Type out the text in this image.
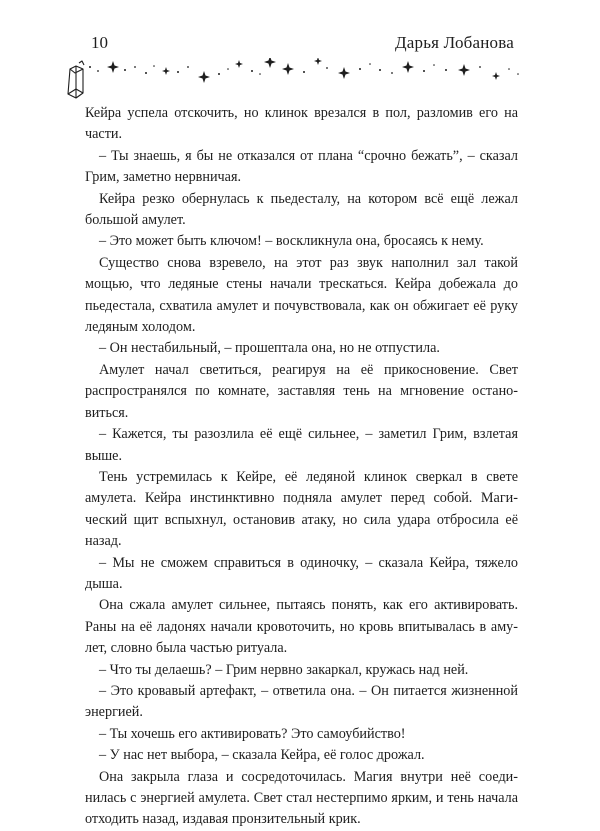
10	Дарья Лобанова

Кейра успела отскочить, но клинок врезался в пол, разломив его на части.

– Ты знаешь, я бы не отказался от плана “срочно бежать”, – сказал Грим, заметно нервничая.

Кейра резко обернулась к пьедесталу, на котором всё ещё лежал большой амулет.

– Это может быть ключом! – воскликнула она, бросаясь к нему.

Существо снова взревело, на этот раз звук наполнил зал такой мощью, что ледяные стены начали трескаться. Кейра добежала до пьедестала, схватила амулет и почувствовала, как он обжигает её руку ледяным холодом.

– Он нестабильный, – прошептала она, но не отпустила.

Амулет начал светиться, реагируя на её прикосновение. Свет распространялся по комнате, заставляя тень на мгновение остановиться.

– Кажется, ты разозлила её ещё сильнее, – заметил Грим, взлетая выше.

Тень устремилась к Кейре, её ледяной клинок сверкал в свете амулета. Кейра инстинктивно подняла амулет перед собой. Магический щит вспыхнул, остановив атаку, но сила удара отбросила её назад.

– Мы не сможем справиться в одиночку, – сказала Кейра, тяжело дыша.

Она сжала амулет сильнее, пытаясь понять, как его активировать. Раны на её ладонях начали кровоточить, но кровь впитывалась в амулет, словно была частью ритуала.

– Что ты делаешь? – Грим нервно закаркал, кружась над ней.

– Это кровавый артефакт, – ответила она. – Он питается жизненной энергией.

– Ты хочешь его активировать? Это самоубийство!

– У нас нет выбора, – сказала Кейра, её голос дрожал.

Она закрыла глаза и сосредоточилась. Магия внутри неё соединилась с энергией амулета. Свет стал нестерпимо ярким, и тень начала отходить назад, издавая пронзительный крик.
